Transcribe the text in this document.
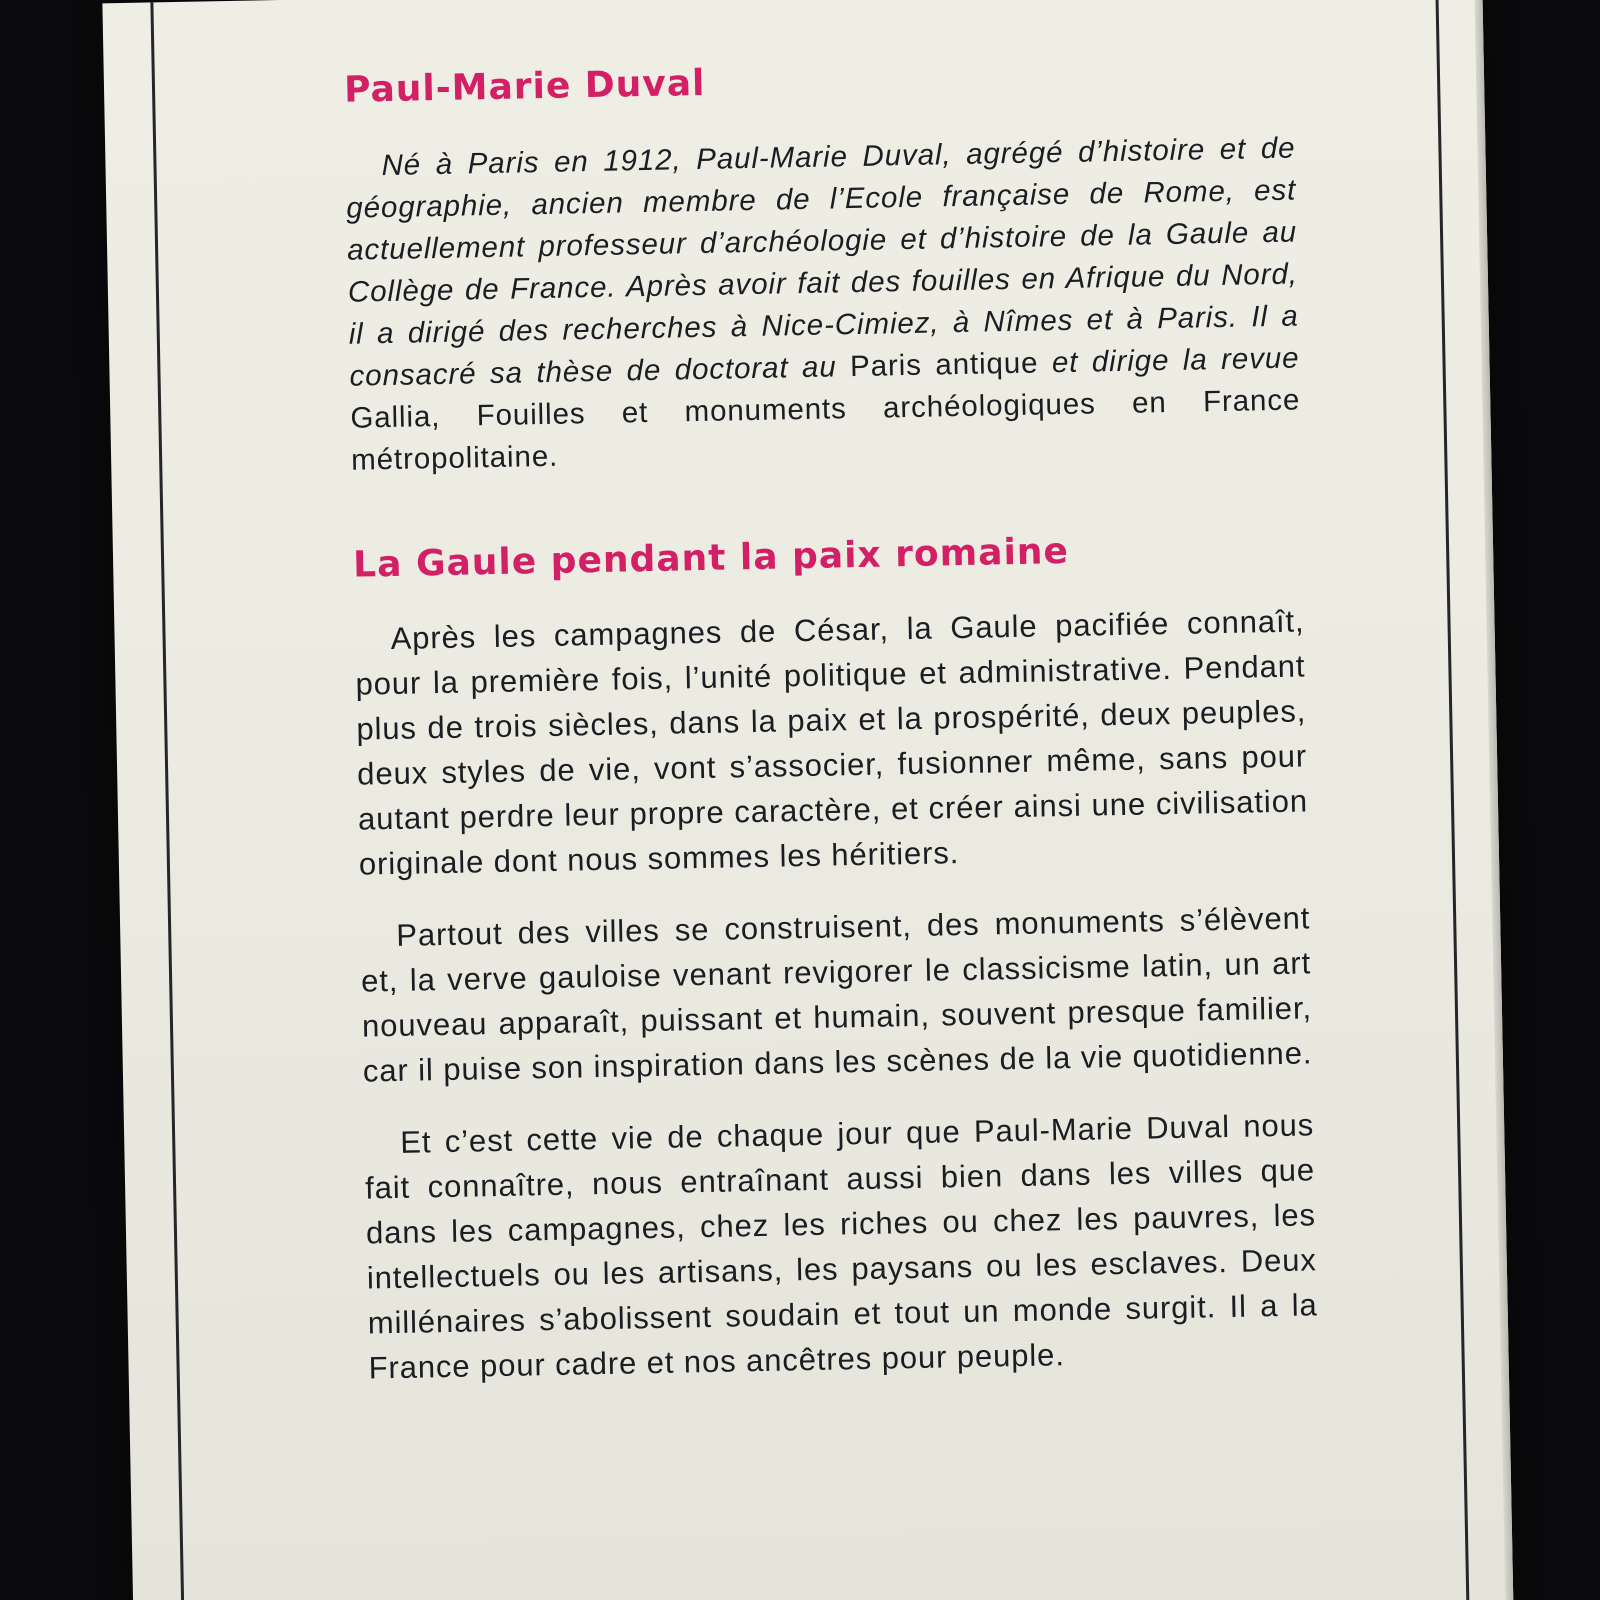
Paul-Marie Duval

Né à Paris en 1912, Paul-Marie Duval, agrégé d’histoire et de géographie, ancien membre de l’Ecole française de Rome, est actuellement professeur d’archéologie et d’histoire de la Gaule au Collège de France. Après avoir fait des fouilles en Afrique du Nord, il a dirigé des recherches à Nice-Cimiez, à Nîmes et à Paris. Il a consacré sa thèse de doctorat au Paris antique et dirige la revue Gallia, Fouilles et monuments archéologiques en France métropolitaine.

La Gaule pendant la paix romaine

Après les campagnes de César, la Gaule pacifiée connaît, pour la première fois, l’unité politique et administrative. Pendant plus de trois siècles, dans la paix et la prospérité, deux peuples, deux styles de vie, vont s’associer, fusionner même, sans pour autant perdre leur propre caractère, et créer ainsi une civilisation originale dont nous sommes les héritiers.

Partout des villes se construisent, des monuments s’élèvent et, la verve gauloise venant revigorer le classicisme latin, un art nouveau apparaît, puissant et humain, souvent presque familier, car il puise son inspiration dans les scènes de la vie quotidienne.

Et c’est cette vie de chaque jour que Paul-Marie Duval nous fait connaître, nous entraînant aussi bien dans les villes que dans les campagnes, chez les riches ou chez les pauvres, les intellectuels ou les artisans, les paysans ou les esclaves. Deux millénaires s’abolissent soudain et tout un monde surgit. Il a la France pour cadre et nos ancêtres pour peuple.
